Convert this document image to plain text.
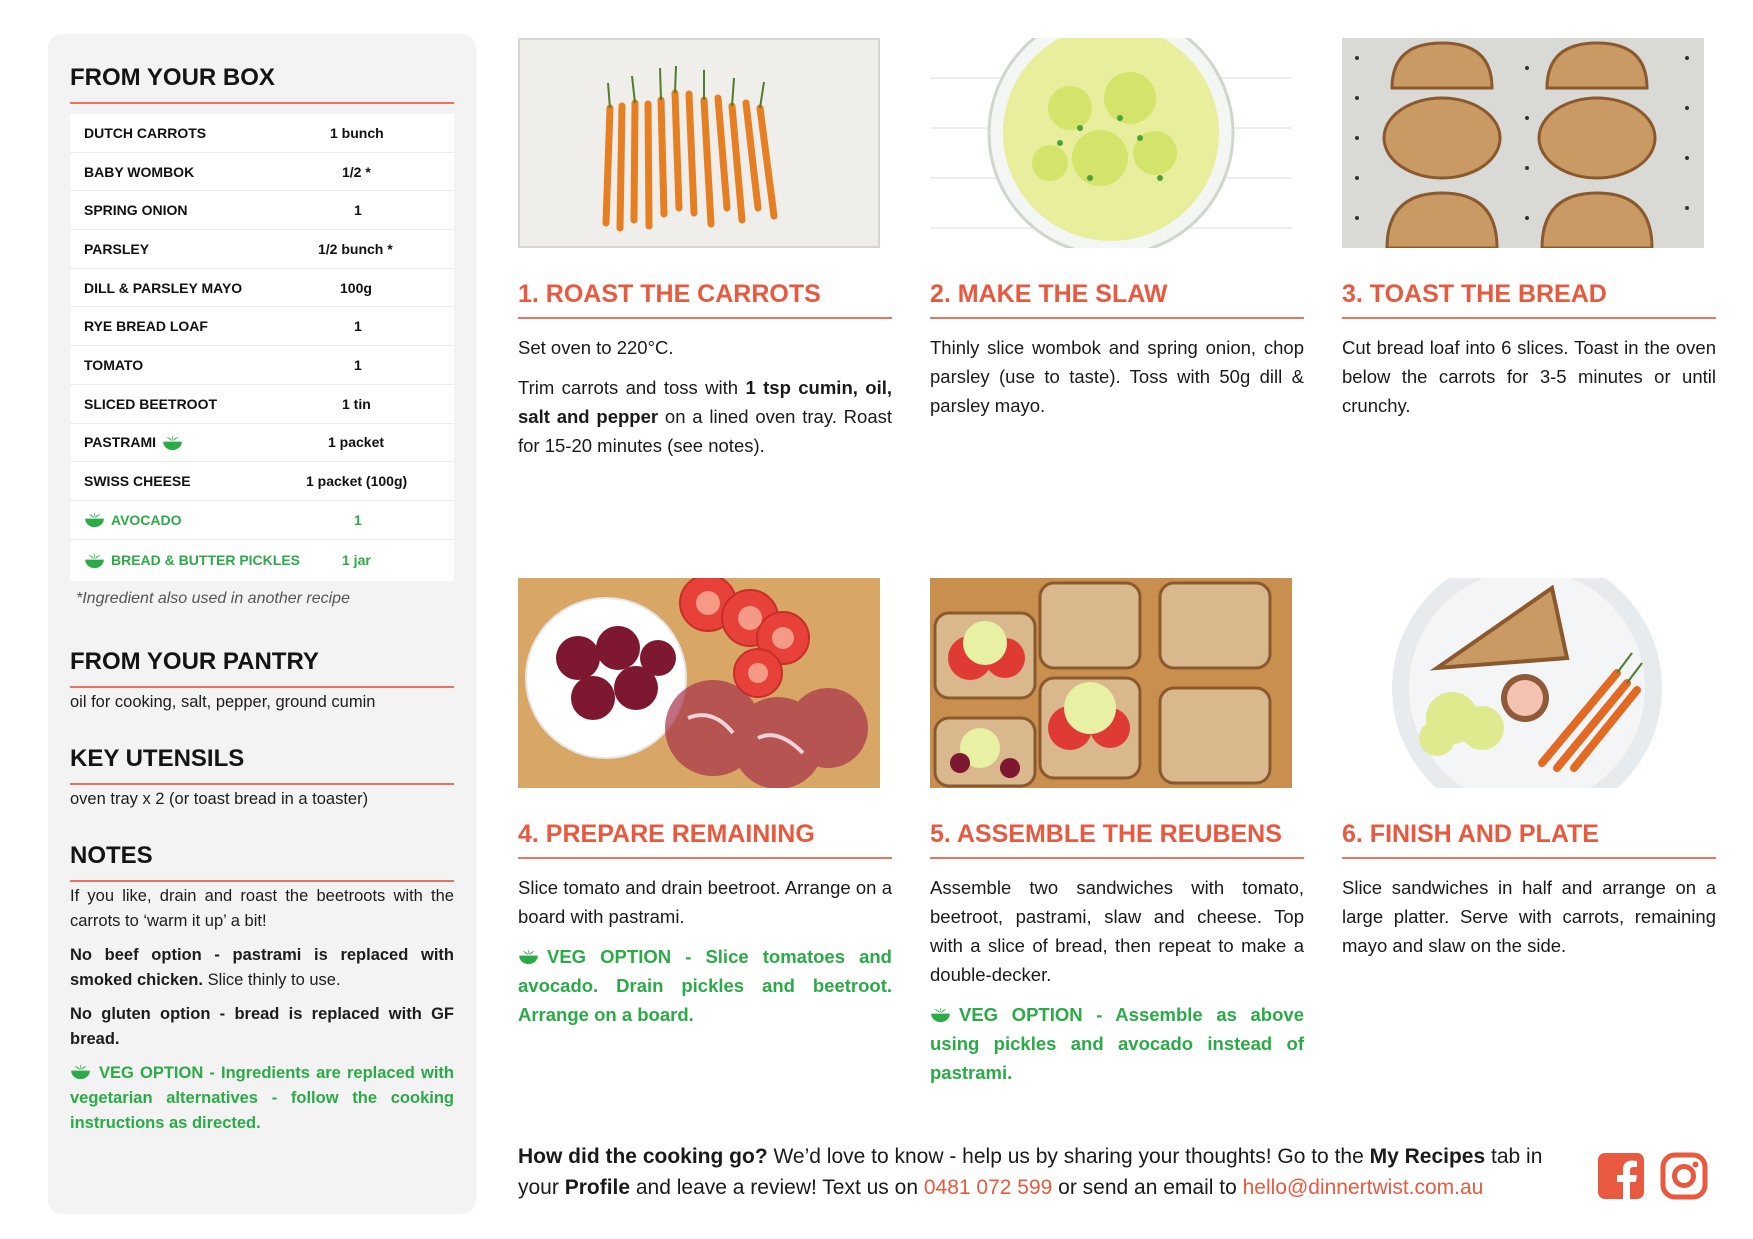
FROM YOUR BOX
DUTCH CARROTS	1 bunch
BABY WOMBOK	1/2 *
SPRING ONION	1
PARSLEY	1/2 bunch *
DILL & PARSLEY MAYO	100g
RYE BREAD LOAF	1
TOMATO	1
SLICED BEETROOT	1 tin
PASTRAMI	1 packet
SWISS CHEESE	1 packet (100g)
AVOCADO	1
BREAD & BUTTER PICKLES	1 jar
*Ingredient also used in another recipe
FROM YOUR PANTRY
oil for cooking, salt, pepper, ground cumin
KEY UTENSILS
oven tray x 2 (or toast bread in a toaster)
NOTES

If you like, drain and roast the beetroots with the carrots to ‘warm it up’ a bit!

No beef option - pastrami is replaced with smoked chicken. Slice thinly to use.

No gluten option - bread is replaced with GF bread.

VEG OPTION - Ingredients are replaced with vegetarian alternatives - follow the cooking instructions as directed.

1. ROAST THE CARROTS

Set oven to 220°C.

Trim carrots and toss with 1 tsp cumin, oil, salt and pepper on a lined oven tray. Roast for 15-20 minutes (see notes).

2. MAKE THE SLAW

Thinly slice wombok and spring onion, chop parsley (use to taste). Toss with 50g dill & parsley mayo.

3. TOAST THE BREAD

Cut bread loaf into 6 slices. Toast in the oven below the carrots for 3-5 minutes or until crunchy.

4. PREPARE REMAINING

Slice tomato and drain beetroot. Arrange on a board with pastrami.

VEG OPTION - Slice tomatoes and avocado. Drain pickles and beetroot. Arrange on a board.

5. ASSEMBLE THE REUBENS

Assemble two sandwiches with tomato, beetroot, pastrami, slaw and cheese. Top with a slice of bread, then repeat to make a double-decker.

VEG OPTION - Assemble as above using pickles and avocado instead of pastrami.

6. FINISH AND PLATE

Slice sandwiches in half and arrange on a large platter. Serve with carrots, remaining mayo and slaw on the side.

How did the cooking go? We’d love to know - help us by sharing your thoughts! Go to the My Recipes tab in your Profile and leave a review! Text us on 0481 072 599 or send an email to hello@dinnertwist.com.au
